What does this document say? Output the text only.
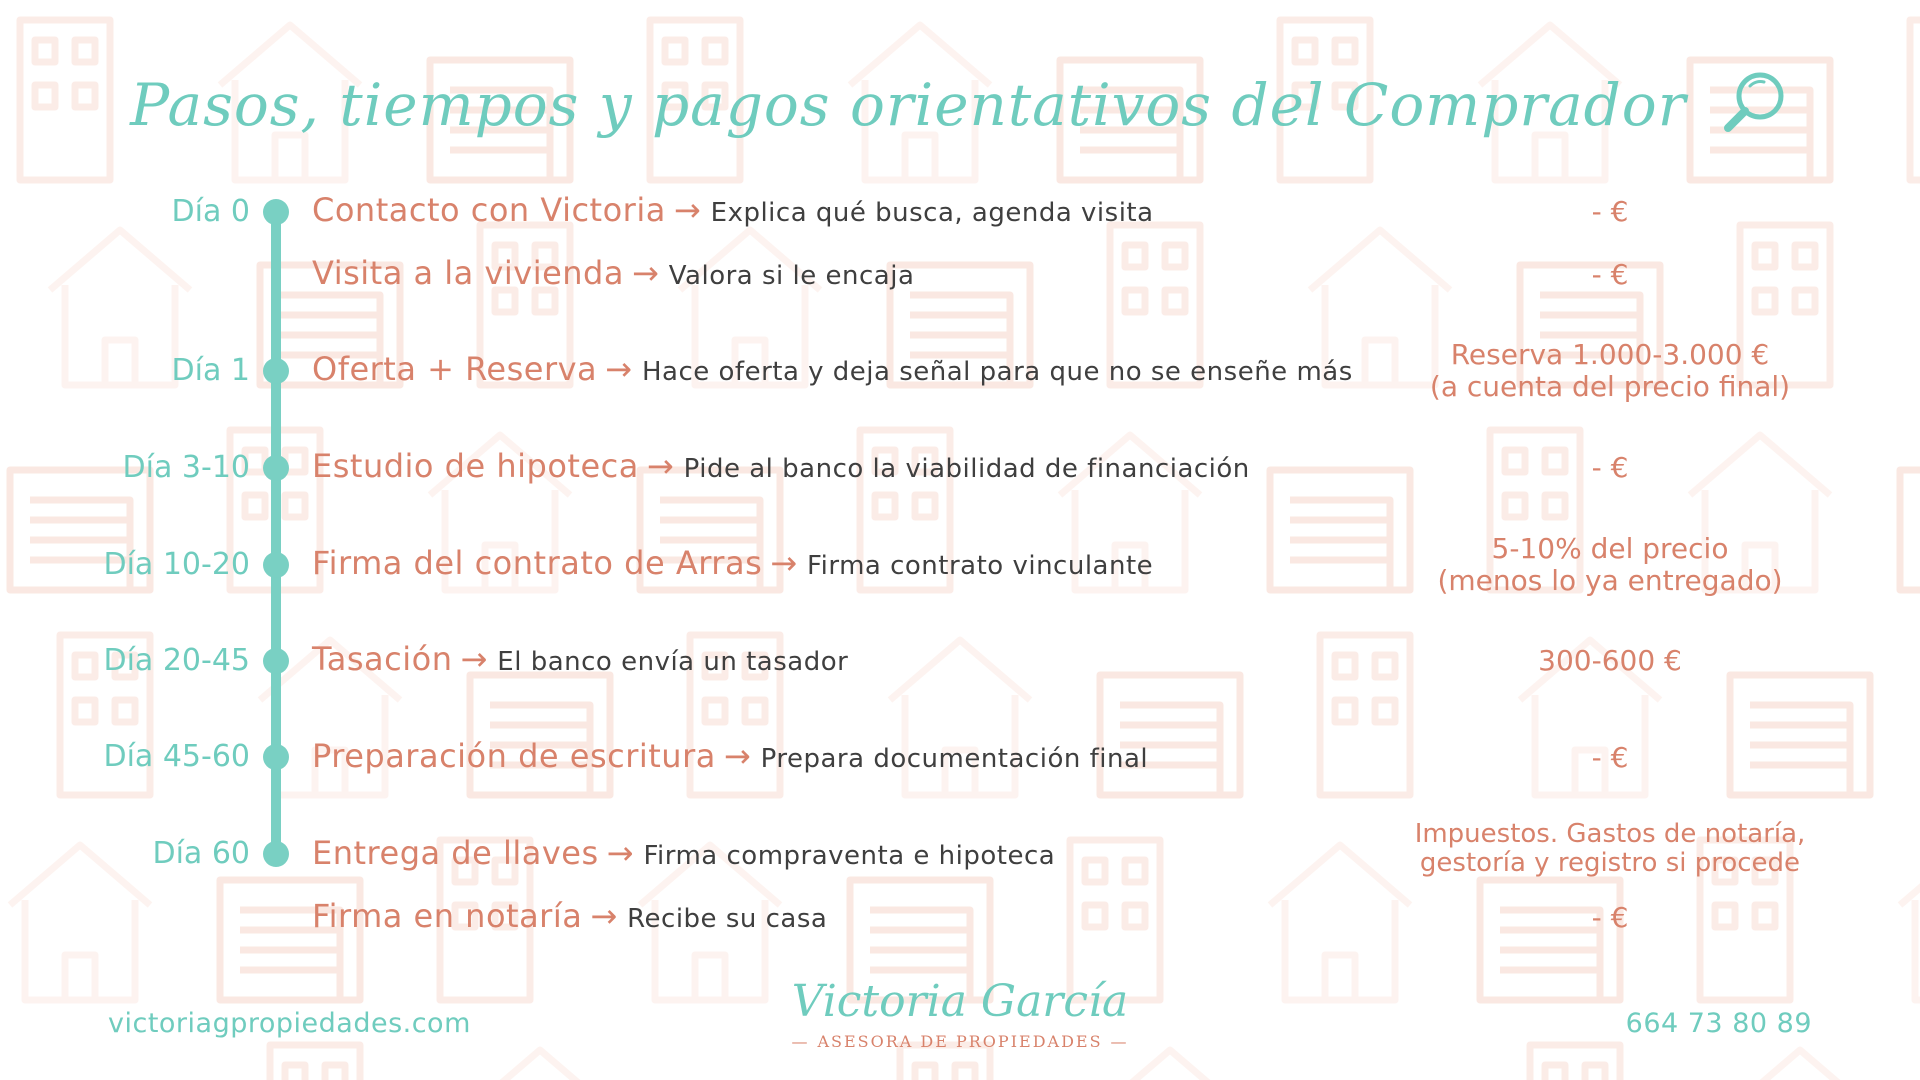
Pasos, tiempos y pagos orientativos del Comprador
Día 0
Día 1
Día 3-10
Día 10-20
Día 20-45
Día 45-60
Día 60
Contacto con Victoria → Explica qué busca, agenda visita
Visita a la vivienda → Valora si le encaja
Oferta + Reserva → Hace oferta y deja señal para que no se enseñe más
Estudio de hipoteca → Pide al banco la viabilidad de financiación
Firma del contrato de Arras → Firma contrato vinculante
Tasación → El banco envía un tasador
Preparación de escritura → Prepara documentación final
Entrega de llaves → Firma compraventa e hipoteca
Firma en notaría → Recibe su casa
- €
- €
Reserva 1.000-3.000 €
(a cuenta del precio final)
- €
5-10% del precio
(menos lo ya entregado)
300-600 €
- €
Impuestos. Gastos de notaría,
gestoría y registro si procede
- €
victoriagpropiedades.com	Victoria García
— ASESORA DE PROPIEDADES —
664 73 80 89
